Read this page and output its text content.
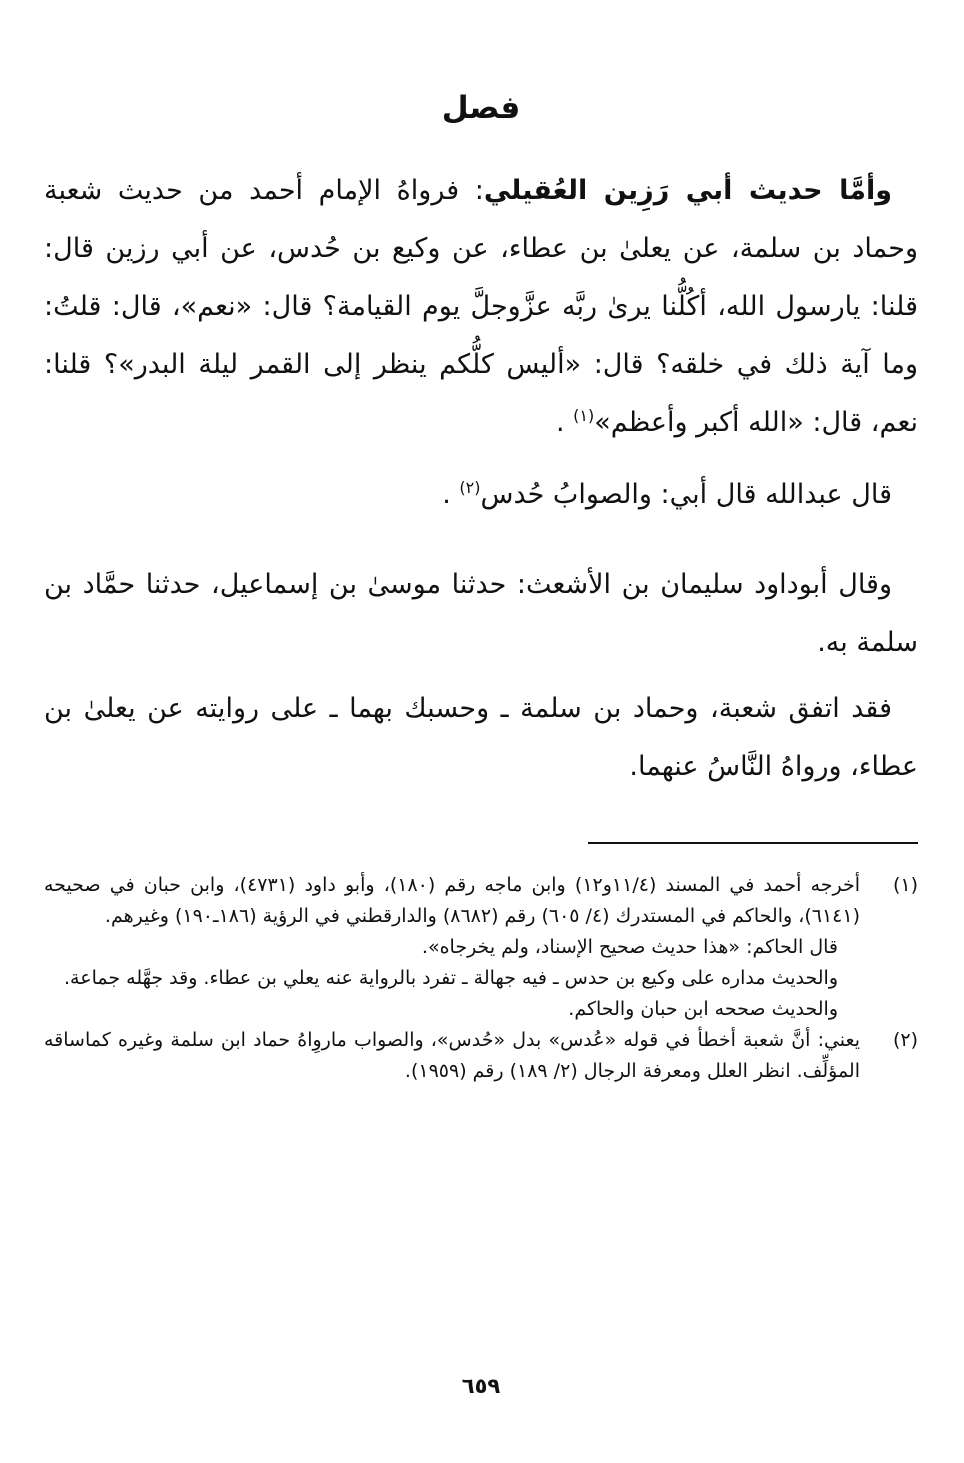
فصل

وأمَّا حديث أبي رَزِين العُقيلي: فرواهُ الإمام أحمد من حديث شعبة وحماد بن سلمة، عن يعلىٰ بن عطاء، عن وكيع بن حُدس، عن أبي رزين قال: قلنا: يارسول الله، أكُلُّنا يرىٰ ربَّه عزَّوجلَّ يوم القيامة؟ قال: «نعم»، قال: قلتُ: وما آية ذلك في خلقه؟ قال: «أليس كلُّكم ينظر إلى القمر ليلة البدر»؟ قلنا: نعم، قال: «الله أكبر وأعظم»$^{(١)}$ .

قال عبدالله قال أبي: والصوابُ حُدس$^{(٢)}$ .

وقال أبوداود سليمان بن الأشعث: حدثنا موسىٰ بن إسماعيل، حدثنا حمَّاد بن سلمة به.

فقد اتفق شعبة، وحماد بن سلمة ـ وحسبك بهما ـ على روايته عن يعلىٰ بن عطاء، ورواهُ النَّاسُ عنهما.

(١)

أخرجه أحمد في المسند (١١/٤و١٢) وابن ماجه رقم (١٨٠)، وأبو داود (٤٧٣١)، وابن حبان في صحيحه (٦١٤١)، والحاكم في المستدرك (٤/ ٦٠٥) رقم (٨٦٨٢) والدارقطني في الرؤية (١٨٦ـ١٩٠) وغيرهم.

قال الحاكم: «هذا حديث صحيح الإسناد، ولم يخرجاه».

والحديث مداره على وكيع بن حدس ـ فيه جهالة ـ تفرد بالرواية عنه يعلي بن عطاء. وقد جهَّله جماعة.

والحديث صححه ابن حبان والحاكم.

(٢)

يعني: أنَّ شعبة أخطأ في قوله «عُدس» بدل «حُدس»، والصواب ماروِاهُ حماد ابن سلمة وغيره كماساقه المؤلِّف. انظر العلل ومعرفة الرجال (٢/ ١٨٩) رقم (١٩٥٩).

٦٥٩
